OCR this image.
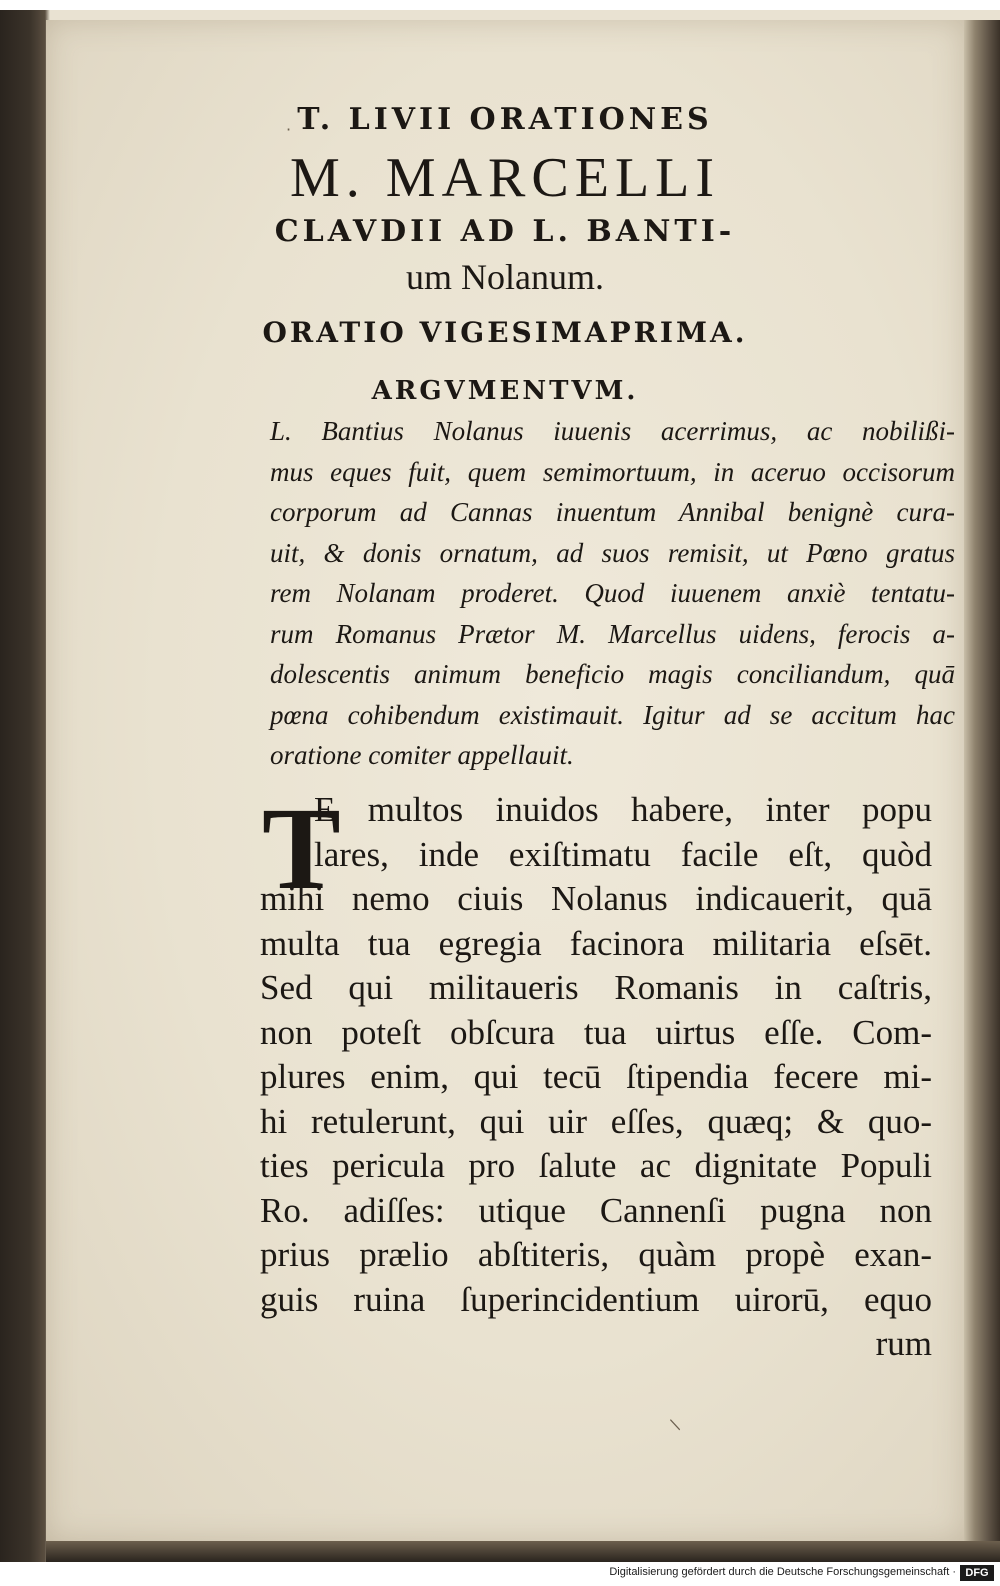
·
/
T. LIVII ORATIONES
M. MARCELLI
CLAVDII AD L. BANTI-
um Nolanum.
ORATIO VIGESIMAPRIMA.
ARGVMENTVM.
L. Bantius Nolanus iuuenis acerrimus, ac nobilißi-
mus eques fuit, quem semimortuum, in aceruo occisorum
corporum ad Cannas inuentum Annibal benignè cura-
uit, & donis ornatum, ad suos remisit, ut Pœno gratus
rem Nolanam proderet. Quod iuuenem anxiè tentatu-
rum Romanus Prætor M. Marcellus uidens, ferocis a-
dolescentis animum beneficio magis conciliandum, quā
pœna cohibendum existimauit. Igitur ad se accitum hac
oratione comiter appellauit.
T
E multos inuidos habere, inter popu
lares, inde exiſtimatu facile eſt, quòd
mihi nemo ciuis Nolanus indicauerit, quā
multa tua egregia facinora militaria eſsēt.
Sed qui militaueris Romanis in caſtris,
non poteſt obſcura tua uirtus eſſe. Com-
plures enim, qui tecū ſtipendia fecere mi-
hi retulerunt, qui uir eſſes, quæq; & quo-
ties pericula pro ſalute ac dignitate Populi
Ro. adiſſes: utique Cannenſi pugna non
prius prælio abſtiteris, quàm propè exan-
guis ruina ſuperincidentium uirorū, equo
rum
Digitalisierung gefördert durch die Deutsche Forschungsgemeinschaft · DFG
